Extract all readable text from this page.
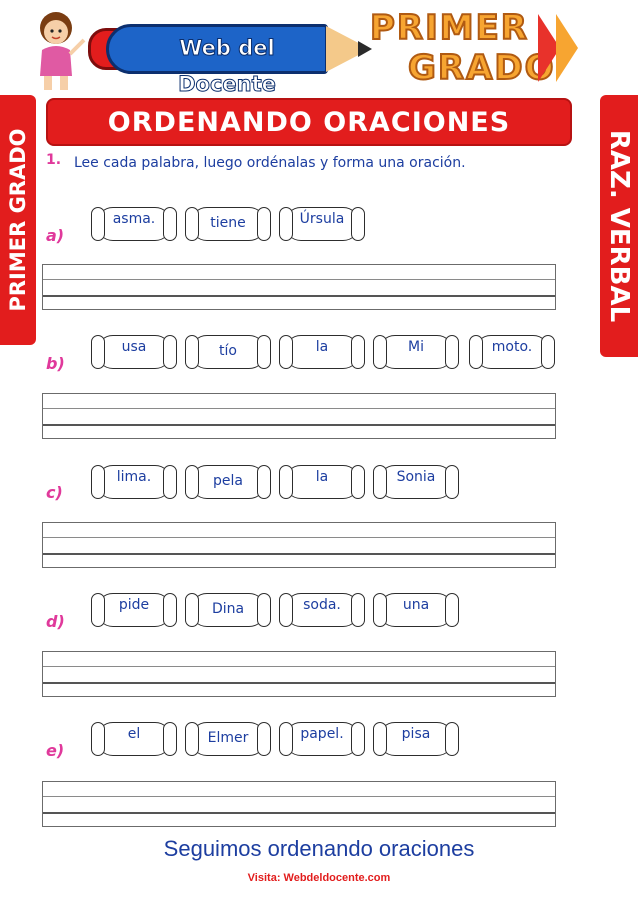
Web del Docente
PRIMER
GRADO
PRIMER GRADO	RAZ. VERBAL
ORDENANDO ORACIONES
1. Lee cada palabra, luego ordénalas y forma una oración.
a)
asma.	tiene	Úrsula
b)
usa	tío	la	Mi	moto.
c)
lima.	pela	la	Sonia
d)
pide	Dina	soda.	una
e)
el	Elmer	papel.	pisa
Seguimos ordenando oraciones
Visita: Webdeldocente.com
